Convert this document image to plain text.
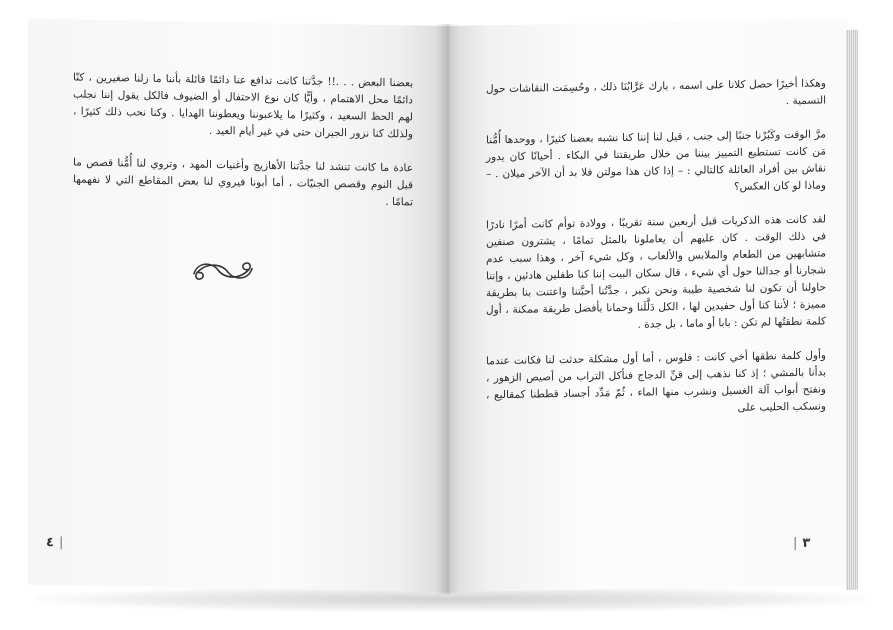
بعضنا البعض . . .!! جدَّتنا كانت تدافع عنا دائمًا قائلة بأننا ما زلنا صغيرين ، كنّا دائمًا محل الاهتمام ، وأيًّا كان نوع الاحتفال أو الضيوف فالكل يقول إننا نجلب لهم الحظ السعيد ، وكثيرًا ما يلاعبوننا ويعطوننا الهدايا . وكنا نحب ذلك كثيرًا ، ولذلك كنا نزور الجيران حتى في غير أيام العيد .

عادة ما كانت تنشد لنا جدَّتنا الأهازيج وأغنيات المهد ، وتروي لنا أُمُّنا قصص ما قبل النوم وقصص الجنيّات ، أما أبونا فيروي لنا بعض المقاطع التي لا نفهمها تمامًا .

٤ |

وهكذا أخيرًا حصل كلانا على اسمه ، بارك عَرَّابُنَا ذلك ، وحُسِمَت النقاشات حول التسمية .

مرَّ الوقت وكَبُرْنا جنبًا إلى جنب ، قيل لنا إننا كنا نشبه بعضنا كثيرًا ، ووحدها أُمُّنا مَن كانت تستطيع التمييز بيننا من خلال طريقتنا في البكاء . أحيانًا كان يدور نقاش بين أفراد العائلة كالتالي : – إذا كان هذا مولتن فلا بد أن الآخر ميلان . – وماذا لو كان العكس؟

لقد كانت هذه الذكريات قبل أربعين سنة تقريبًا ، وولادة توأم كانت أمرًا نادرًا في ذلك الوقت . كان عليهم أن يعاملونا بالمثل تمامًا ، يشترون صنفين متشابهين من الطعام والملابس والألعاب ، وكل شيء آخر ، وهذا سبب عدم شجارنا أو جدالنا حول أي شيء ، قال سكان البيت إننا كنا طفلين هادئين ، وإننا حاولنا أن تكون لنا شخصية طيبة ونحن نكبر ، جدَّتُنا أحبَّتنا واعتنت بنا بطريقة مميزة ؛ لأننا كنا أول حفيدين لها ، الكل دَلَّلَنا وحمانا بأفضل طريقة ممكنة ، أول كلمة نطقتُها لم تكن : بابا أو ماما ، بل جدة .

وأول كلمة نطقها أخي كانت : فلوس ، أما أول مشكلة حدثت لنا فكانت عندما بدأنا بالمشي ؛ إذ كنا نذهب إلى قنِّ الدجاج فنأكل التراب من أصيص الزهور ، ونفتح أبواب آلة الغسيل ونشرب منها الماء ، ثُمّ مَدِّد أجساد قططنا كمقاليع ، ونسكب الحليب على

| ٣
